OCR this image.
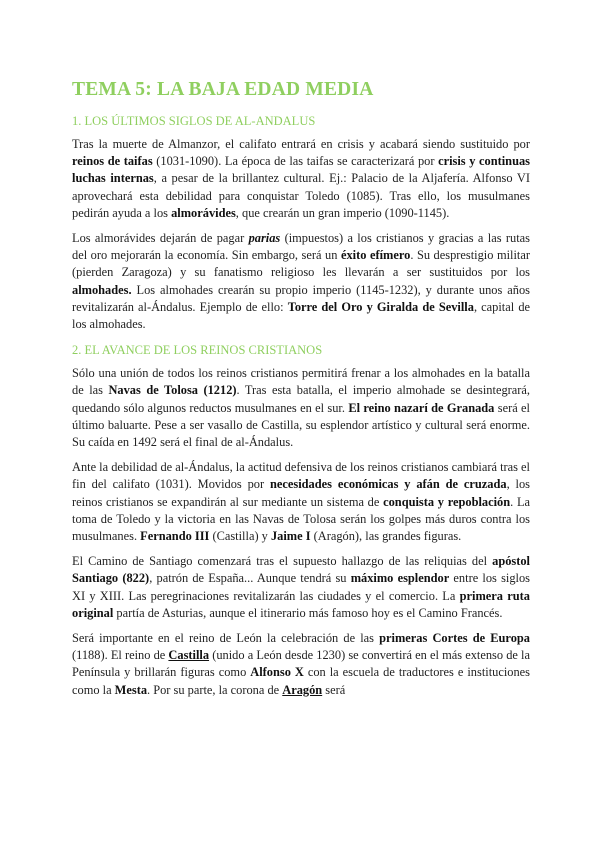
TEMA 5: LA BAJA EDAD MEDIA
1. LOS ÚLTIMOS SIGLOS DE AL-ANDALUS

Tras la muerte de Almanzor, el califato entrará en crisis y acabará siendo sustituido por reinos de taifas (1031-1090). La época de las taifas se caracterizará por crisis y continuas luchas internas, a pesar de la brillantez cultural. Ej.: Palacio de la Aljafería. Alfonso VI aprovechará esta debilidad para conquistar Toledo (1085). Tras ello, los musulmanes pedirán ayuda a los almorávides, que crearán un gran imperio (1090-1145).

Los almorávides dejarán de pagar parias (impuestos) a los cristianos y gracias a las rutas del oro mejorarán la economía. Sin embargo, será un éxito efímero. Su desprestigio militar (pierden Zaragoza) y su fanatismo religioso les llevarán a ser sustituidos por los almohades. Los almohades crearán su propio imperio (1145-1232), y durante unos años revitalizarán al-Ándalus. Ejemplo de ello: Torre del Oro y Giralda de Sevilla, capital de los almohades.

2. EL AVANCE DE LOS REINOS CRISTIANOS

Sólo una unión de todos los reinos cristianos permitirá frenar a los almohades en la batalla de las Navas de Tolosa (1212). Tras esta batalla, el imperio almohade se desintegrará, quedando sólo algunos reductos musulmanes en el sur. El reino nazarí de Granada será el último baluarte. Pese a ser vasallo de Castilla, su esplendor artístico y cultural será enorme. Su caída en 1492 será el final de al-Ándalus.

Ante la debilidad de al-Ándalus, la actitud defensiva de los reinos cristianos cambiará tras el fin del califato (1031). Movidos por necesidades económicas y afán de cruzada, los reinos cristianos se expandirán al sur mediante un sistema de conquista y repoblación. La toma de Toledo y la victoria en las Navas de Tolosa serán los golpes más duros contra los musulmanes. Fernando III (Castilla) y Jaime I (Aragón), las grandes figuras.

El Camino de Santiago comenzará tras el supuesto hallazgo de las reliquias del apóstol Santiago (822), patrón de España... Aunque tendrá su máximo esplendor entre los siglos XI y XIII. Las peregrinaciones revitalizarán las ciudades y el comercio. La primera ruta original partía de Asturias, aunque el itinerario más famoso hoy es el Camino Francés.

Será importante en el reino de León la celebración de las primeras Cortes de Europa (1188). El reino de Castilla (unido a León desde 1230) se convertirá en el más extenso de la Península y brillarán figuras como Alfonso X con la escuela de traductores e instituciones como la Mesta. Por su parte, la corona de Aragón será
